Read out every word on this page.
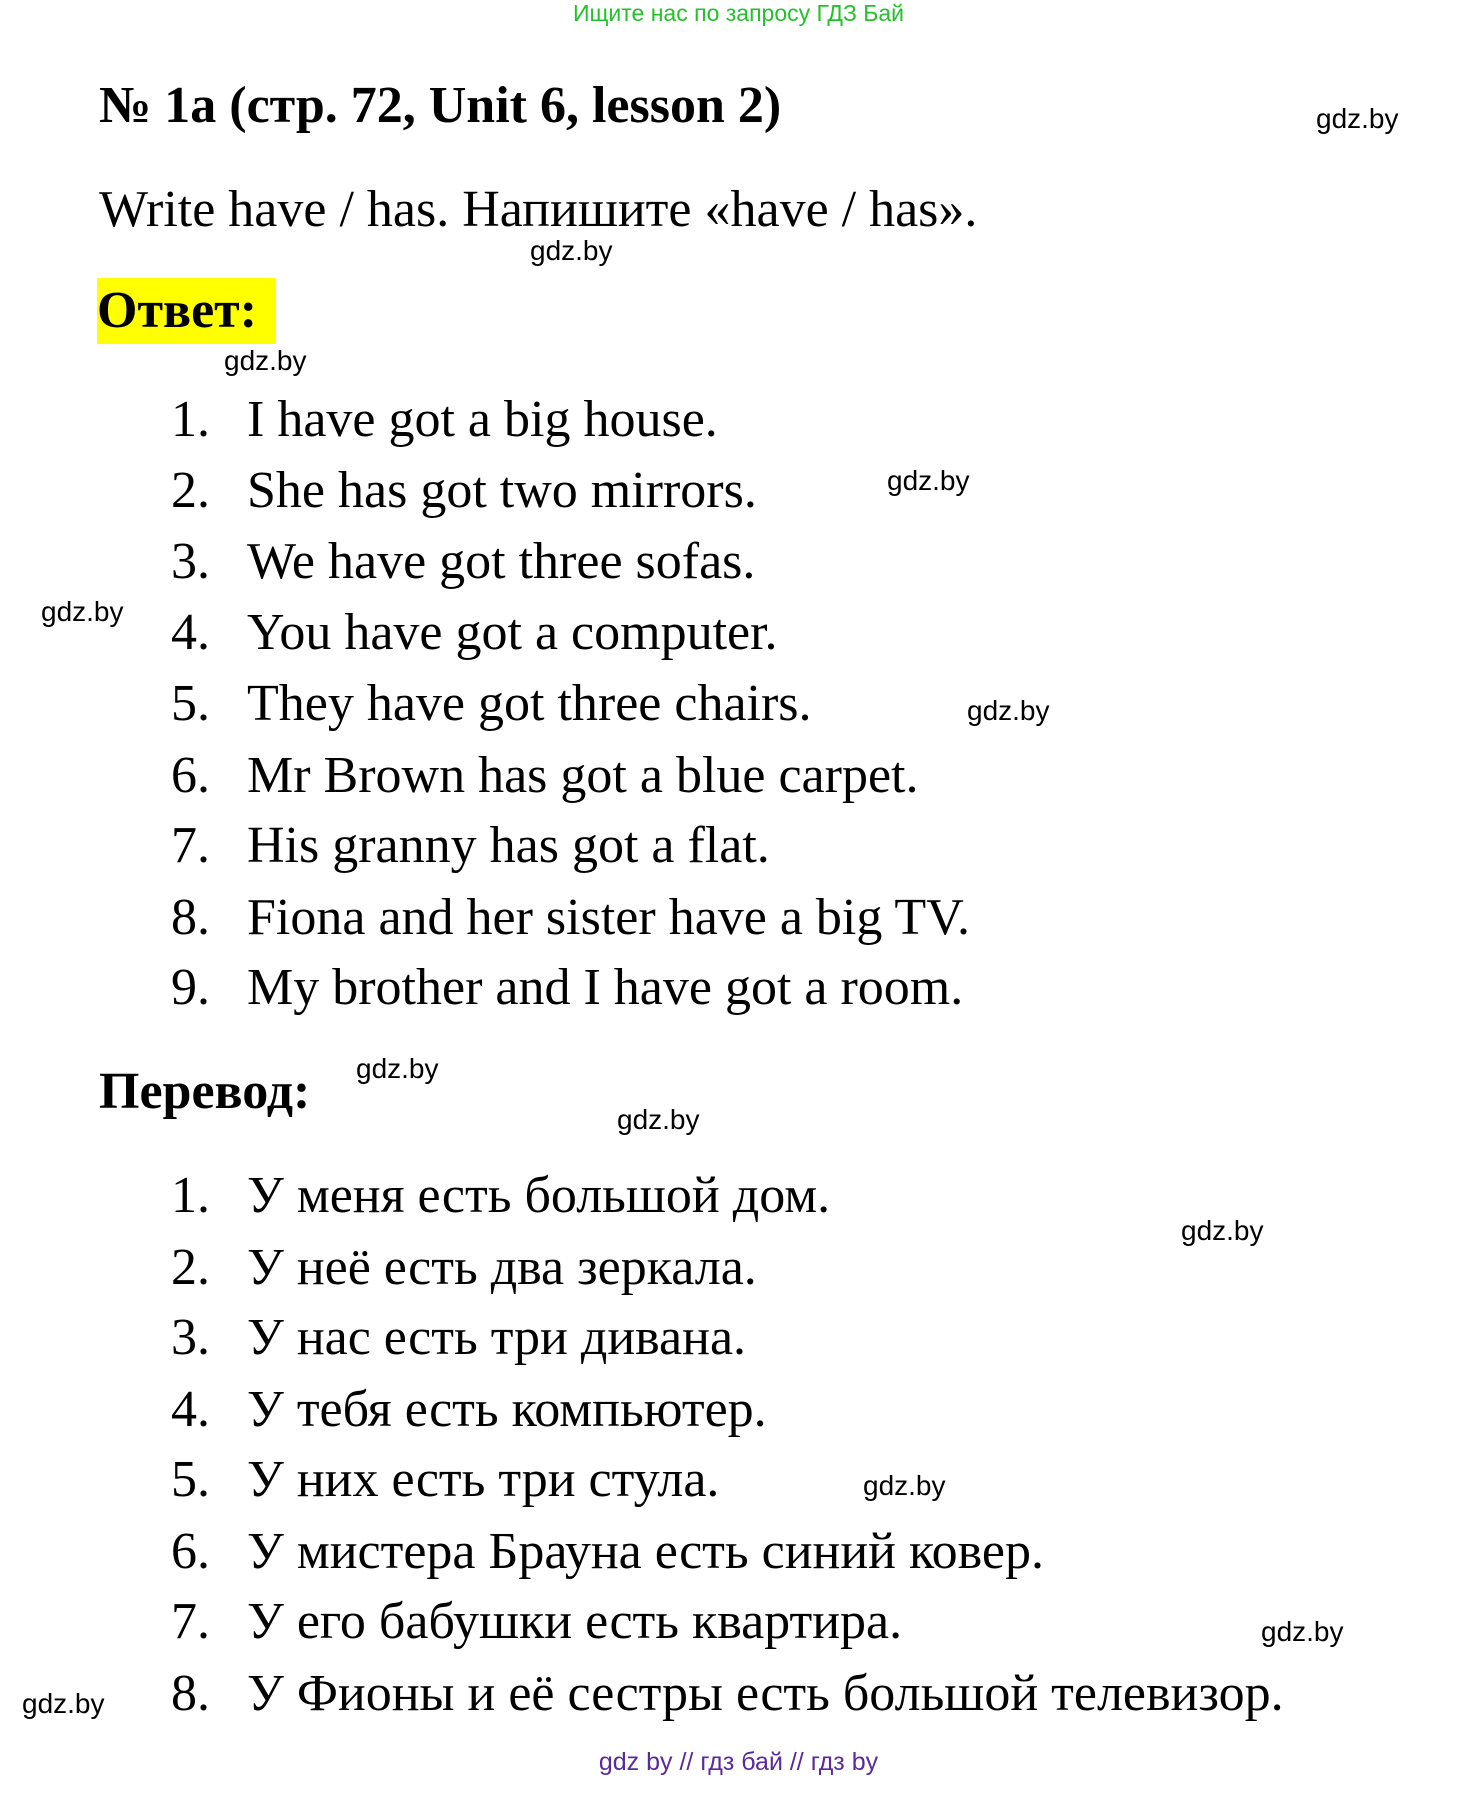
Ищите нас по запросу ГДЗ Бай
№ 1a (стр. 72, Unit 6, lesson 2)
Write have / has. Напишите «have / has».
Ответ:
1. I have got a big house.
2. She has got two mirrors.
3. We have got three sofas.
4. You have got a computer.
5. They have got three chairs.
6. Mr Brown has got a blue carpet.
7. His granny has got a flat.
8. Fiona and her sister have a big TV.
9. My brother and I have got a room.
Перевод:
1. У меня есть большой дом.
2. У неё есть два зеркала.
3. У нас есть три дивана.
4. У тебя есть компьютер.
5. У них есть три стула.
6. У мистера Брауна есть синий ковер.
7. У его бабушки есть квартира.
8. У Фионы и её сестры есть большой телевизор.
gdz.by
gdz.by
gdz.by
gdz.by
gdz.by
gdz.by
gdz.by
gdz.by
gdz.by
gdz.by
gdz.by
gdz.by
gdz by // гдз бай // гдз by
